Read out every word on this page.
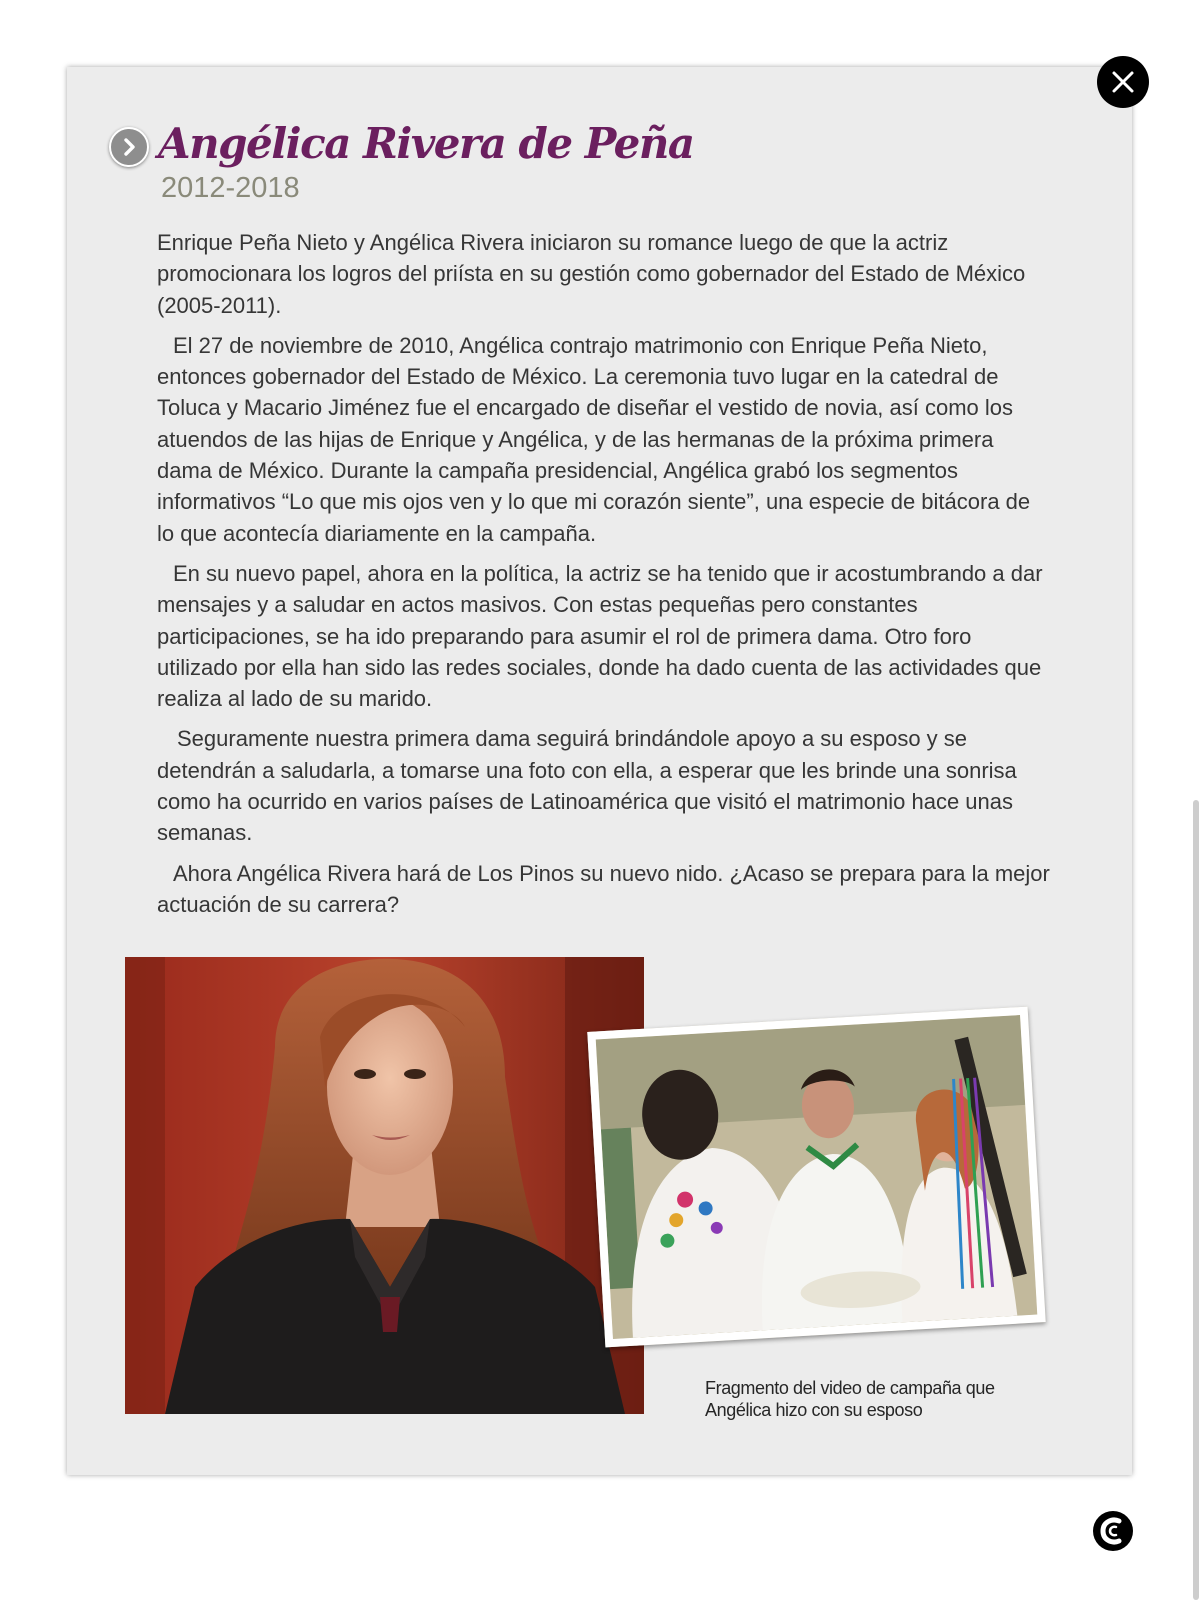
Angélica Rivera de Peña

2012-2018

Enrique Peña Nieto y Angélica Rivera iniciaron su romance luego de que la actriz promocionara los logros del priísta en su gestión como gobernador del Estado de México (2005-2011).

El 27 de noviembre de 2010, Angélica contrajo matrimonio con Enrique Peña Nieto, entonces gobernador del Estado de México. La ceremonia tuvo lugar en la catedral de Toluca y Macario Jiménez fue el encargado de diseñar el vestido de novia, así como los atuendos de las hijas de Enrique y Angélica, y de las hermanas de la próxima primera dama de México. Durante la campaña presidencial, Angélica grabó los segmentos informativos “Lo que mis ojos ven y lo que mi corazón siente”, una especie de bitácora de lo que acontecía diariamente en la campaña.

En su nuevo papel, ahora en la política, la actriz se ha tenido que ir acostumbrando a dar mensajes y a saludar en actos masivos. Con estas pequeñas pero constantes participaciones, se ha ido preparando para asumir el rol de primera dama. Otro foro utilizado por ella han sido las redes sociales, donde ha dado cuenta de las actividades que realiza al lado de su marido.

Seguramente nuestra primera dama seguirá brindándole apoyo a su esposo y se detendrán a saludarla, a tomarse una foto con ella, a esperar que les brinde una sonrisa como ha ocurrido en varios países de Latinoamérica que visitó el matrimonio hace unas semanas.

Ahora Angélica Rivera hará de Los Pinos su nuevo nido. ¿Acaso se prepara para la mejor actuación de su carrera?

Fragmento del video de campaña que Angélica hizo con su esposo
